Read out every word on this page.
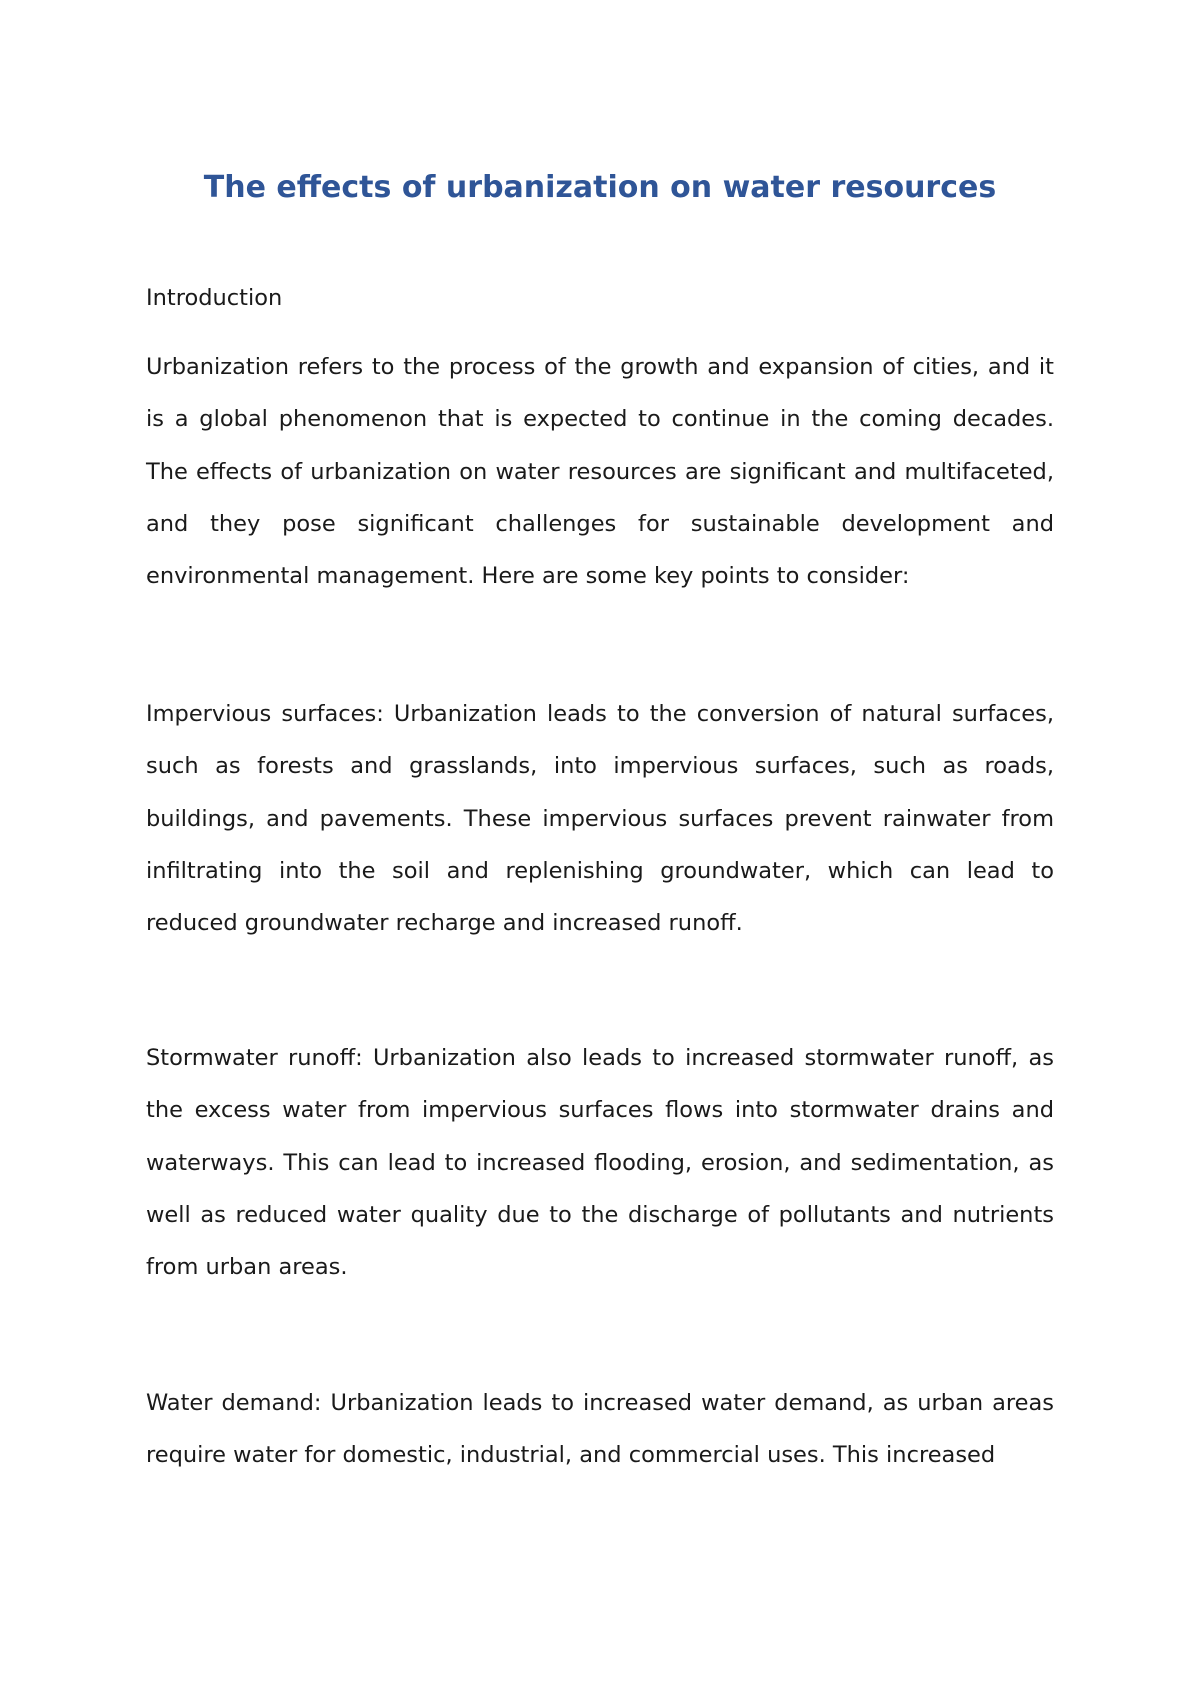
The effects of urbanization on water resources

Introduction

Urbanization refers to the process of the growth and expansion of cities, and it is a global phenomenon that is expected to continue in the coming decades. The effects of urbanization on water resources are significant and multifaceted, and they pose significant challenges for sustainable development and environmental management. Here are some key points to consider:

Impervious surfaces: Urbanization leads to the conversion of natural surfaces, such as forests and grasslands, into impervious surfaces, such as roads, buildings, and pavements. These impervious surfaces prevent rainwater from infiltrating into the soil and replenishing groundwater, which can lead to reduced groundwater recharge and increased runoff.

Stormwater runoff: Urbanization also leads to increased stormwater runoff, as the excess water from impervious surfaces flows into stormwater drains and waterways. This can lead to increased flooding, erosion, and sedimentation, as well as reduced water quality due to the discharge of pollutants and nutrients from urban areas.

Water demand: Urbanization leads to increased water demand, as urban areas require water for domestic, industrial, and commercial uses. This increased
